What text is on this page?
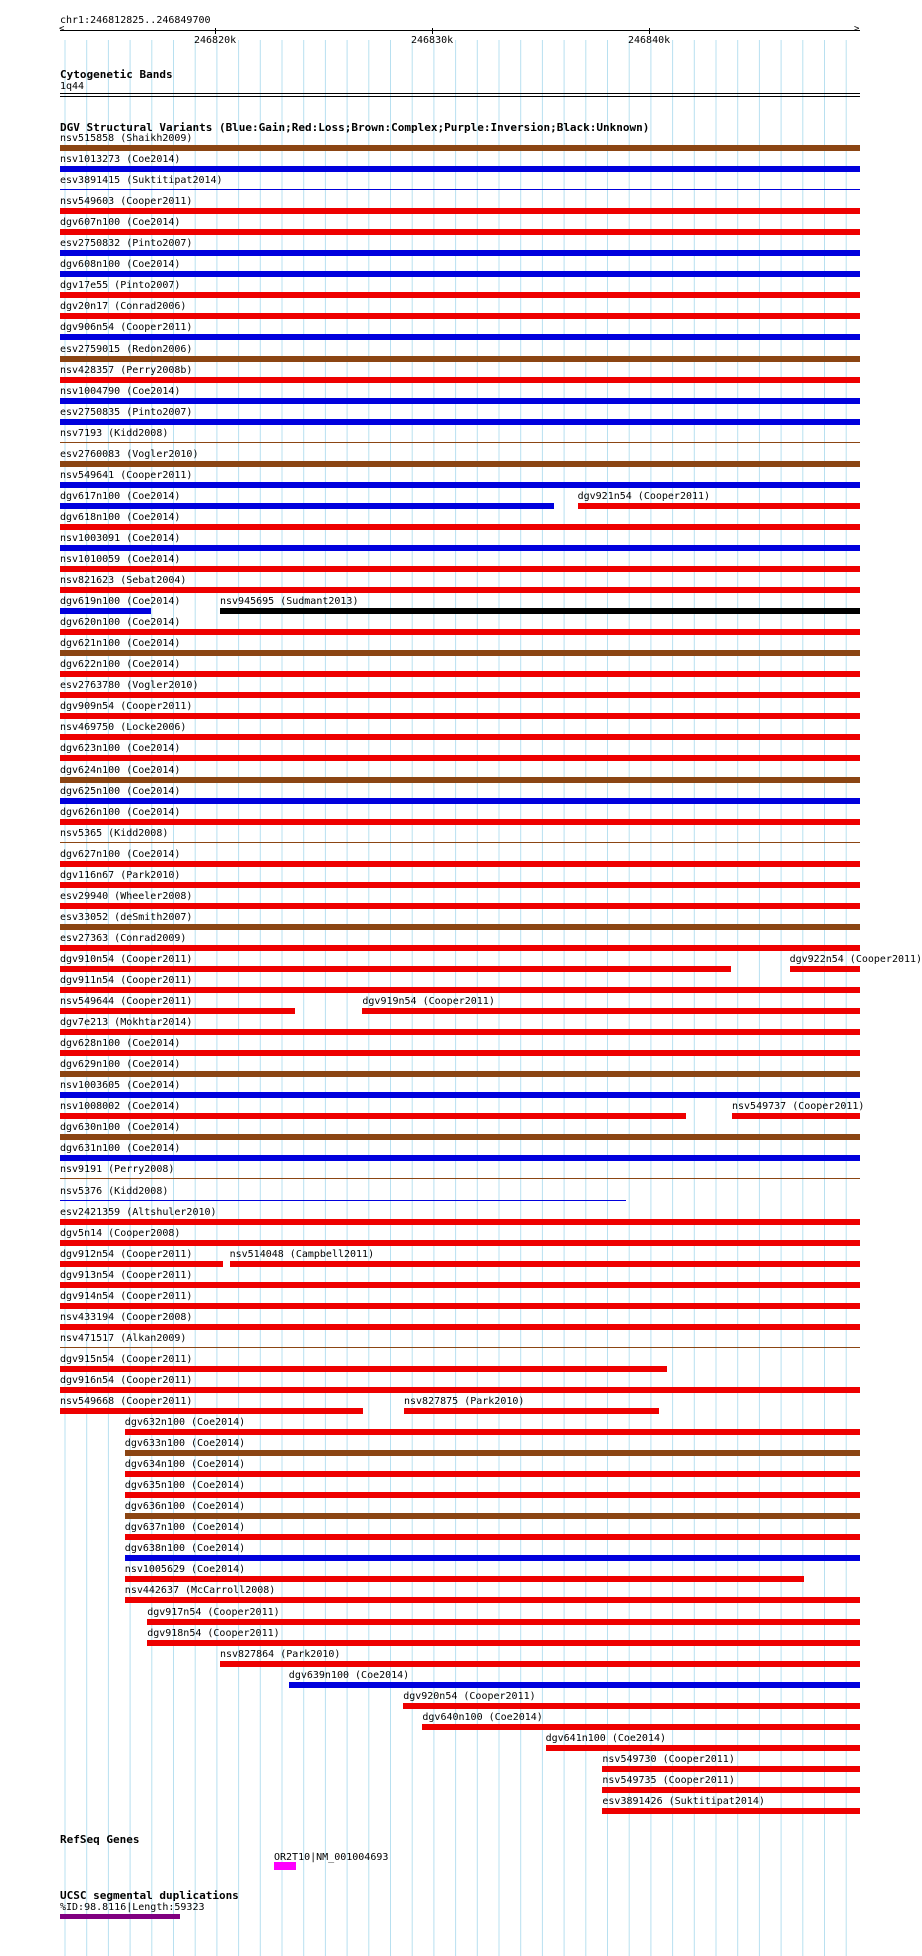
chr1:246812825..246849700
<	>
246820k	246830k	246840k
Cytogenetic Bands
1q44
DGV Structural Variants (Blue:Gain;Red:Loss;Brown:Complex;Purple:Inversion;Black:Unknown)
nsv515858 (Shaikh2009)
nsv1013273 (Coe2014)
esv3891415 (Suktitipat2014)
nsv549603 (Cooper2011)
dgv607n100 (Coe2014)
esv2750832 (Pinto2007)
dgv608n100 (Coe2014)
dgv17e55 (Pinto2007)
dgv20n17 (Conrad2006)
dgv906n54 (Cooper2011)
esv2759015 (Redon2006)
nsv428357 (Perry2008b)
nsv1004790 (Coe2014)
esv2750835 (Pinto2007)
nsv7193 (Kidd2008)
esv2760083 (Vogler2010)
nsv549641 (Cooper2011)
dgv617n100 (Coe2014)	dgv921n54 (Cooper2011)
dgv618n100 (Coe2014)
nsv1003091 (Coe2014)
nsv1010059 (Coe2014)
nsv821623 (Sebat2004)
dgv619n100 (Coe2014)	nsv945695 (Sudmant2013)
dgv620n100 (Coe2014)
dgv621n100 (Coe2014)
dgv622n100 (Coe2014)
esv2763780 (Vogler2010)
dgv909n54 (Cooper2011)
nsv469750 (Locke2006)
dgv623n100 (Coe2014)
dgv624n100 (Coe2014)
dgv625n100 (Coe2014)
dgv626n100 (Coe2014)
nsv5365 (Kidd2008)
dgv627n100 (Coe2014)
dgv116n67 (Park2010)
esv29940 (Wheeler2008)
esv33052 (deSmith2007)
esv27363 (Conrad2009)
dgv910n54 (Cooper2011)	dgv922n54 (Cooper2011)
dgv911n54 (Cooper2011)
nsv549644 (Cooper2011)	dgv919n54 (Cooper2011)
dgv7e213 (Mokhtar2014)
dgv628n100 (Coe2014)
dgv629n100 (Coe2014)
nsv1003605 (Coe2014)
nsv1008002 (Coe2014)	nsv549737 (Cooper2011)
dgv630n100 (Coe2014)
dgv631n100 (Coe2014)
nsv9191 (Perry2008)
nsv5376 (Kidd2008)
esv2421359 (Altshuler2010)
dgv5n14 (Cooper2008)
dgv912n54 (Cooper2011)	nsv514048 (Campbell2011)
dgv913n54 (Cooper2011)
dgv914n54 (Cooper2011)
nsv433194 (Cooper2008)
nsv471517 (Alkan2009)
dgv915n54 (Cooper2011)
dgv916n54 (Cooper2011)
nsv549668 (Cooper2011)	nsv827875 (Park2010)
dgv632n100 (Coe2014)
dgv633n100 (Coe2014)
dgv634n100 (Coe2014)
dgv635n100 (Coe2014)
dgv636n100 (Coe2014)
dgv637n100 (Coe2014)
dgv638n100 (Coe2014)
nsv1005629 (Coe2014)
nsv442637 (McCarroll2008)
dgv917n54 (Cooper2011)
dgv918n54 (Cooper2011)
nsv827864 (Park2010)
dgv639n100 (Coe2014)
dgv920n54 (Cooper2011)
dgv640n100 (Coe2014)
dgv641n100 (Coe2014)
nsv549730 (Cooper2011)
nsv549735 (Cooper2011)
esv3891426 (Suktitipat2014)
RefSeq Genes
OR2T10|NM_001004693
UCSC segmental duplications
%ID:98.8116|Length:59323
